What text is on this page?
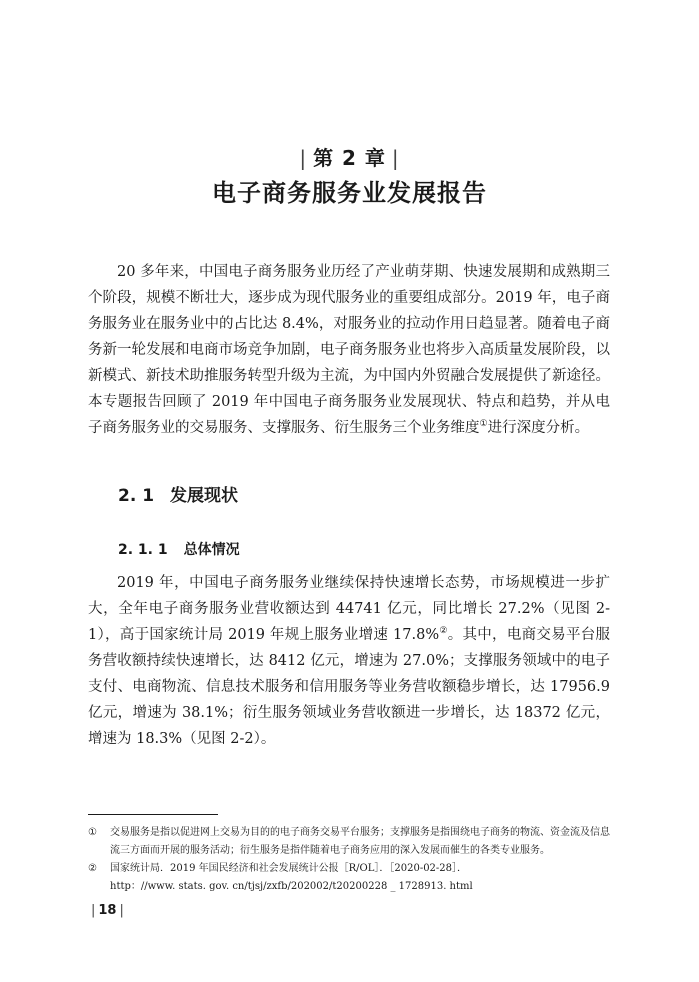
| 第 2 章 |
电子商务服务业发展报告

20 多年来，中国电子商务服务业历经了产业萌芽期、快速发展期和成熟期三个阶段，规模不断壮大，逐步成为现代服务业的重要组成部分。2019 年，电子商务服务业在服务业中的占比达 8.4%，对服务业的拉动作用日趋显著。随着电子商务新一轮发展和电商市场竞争加剧，电子商务服务业也将步入高质量发展阶段，以新模式、新技术助推服务转型升级为主流，为中国内外贸融合发展提供了新途径。本专题报告回顾了 2019 年中国电子商务服务业发展现状、特点和趋势，并从电子商务服务业的交易服务、支撑服务、衍生服务三个业务维度①进行深度分析。

2. 1 发展现状
2. 1. 1 总体情况

2019 年，中国电子商务服务业继续保持快速增长态势，市场规模进一步扩大，全年电子商务服务业营收额达到 44741 亿元，同比增长 27.2%（见图 2-1），高于国家统计局 2019 年规上服务业增速 17.8%②。其中，电商交易平台服务营收额持续快速增长，达 8412 亿元，增速为 27.0%；支撑服务领域中的电子支付、电商物流、信息技术服务和信用服务等业务营收额稳步增长，达 17956.9 亿元，增速为 38.1%；衍生服务领域业务营收额进一步增长，达 18372 亿元，增速为 18.3%（见图 2-2）。

①	交易服务是指以促进网上交易为目的的电子商务交易平台服务；支撑服务是指围绕电子商务的物流、资金流及信息流三方面而开展的服务活动；衍生服务是指伴随着电子商务应用的深入发展而催生的各类专业服务。
②	国家统计局．2019 年国民经济和社会发展统计公报［R/OL］．［2020-02-28］．
http：//www. stats. gov. cn/tjsj/zxfb/202002/t20200228 _ 1728913. html
| 18 |
